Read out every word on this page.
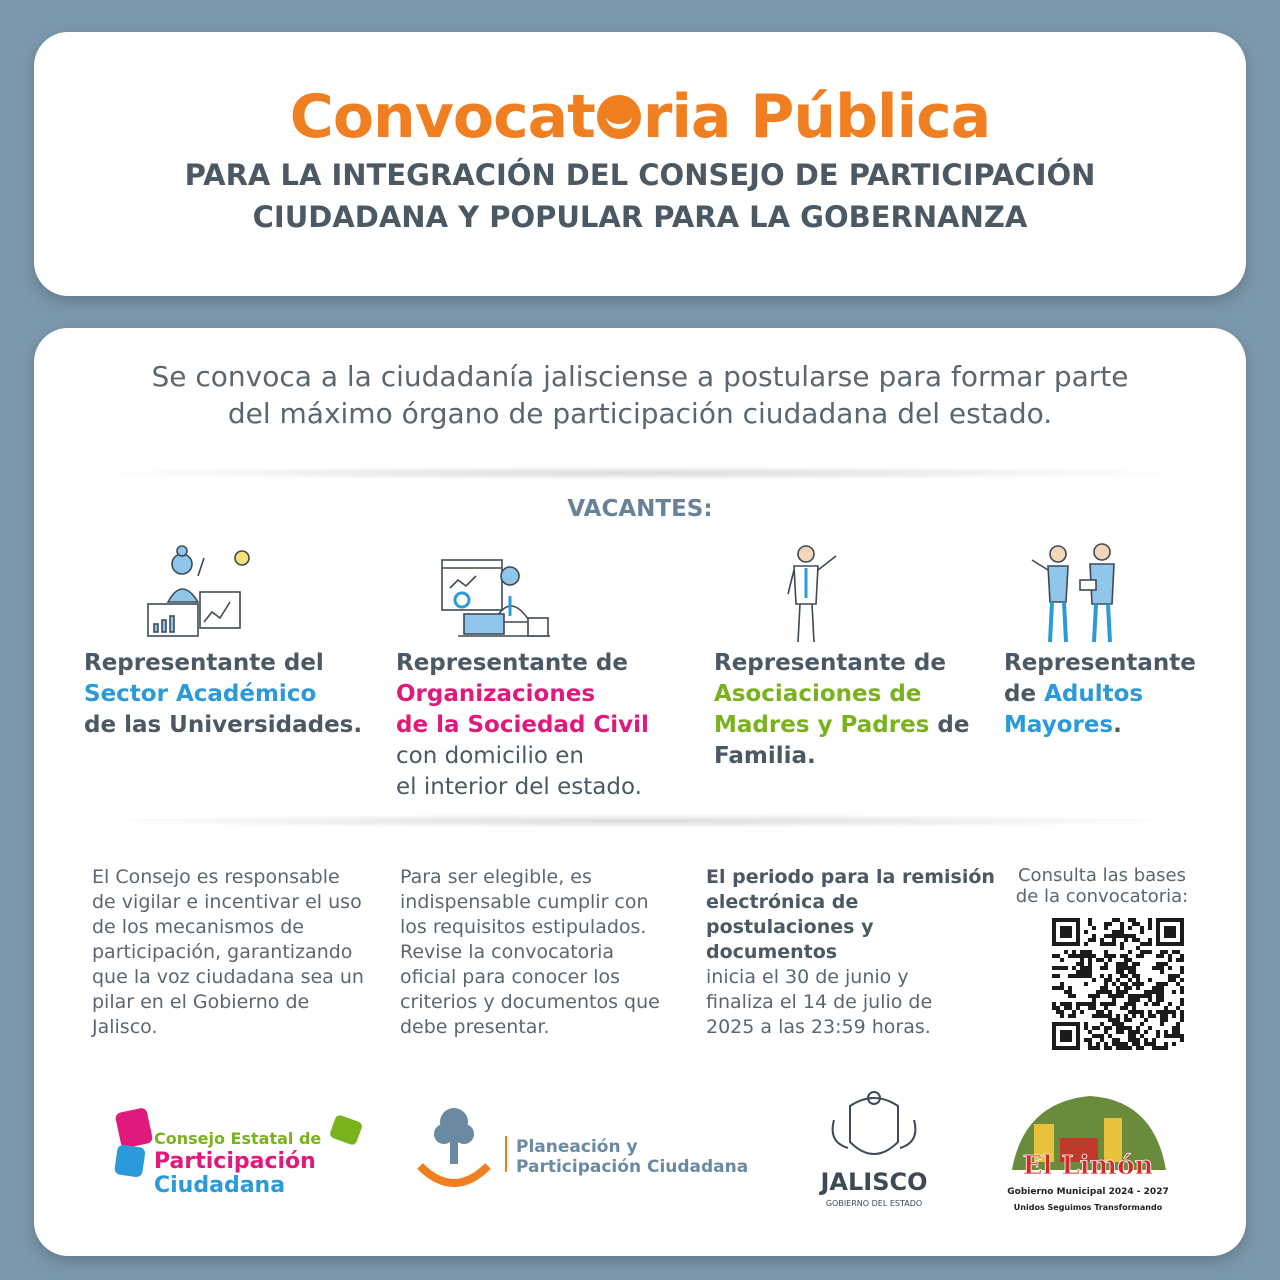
Convocat ria Pública
PARA LA INTEGRACIÓN DEL CONSEJO DE PARTICIPACIÓN
CIUDADANA Y POPULAR PARA LA GOBERNANZA
Se convoca a la ciudadanía jalisciense a postularse para formar parte
del máximo órgano de participación ciudadana del estado.
VACANTES:
Representante del
Sector Académico
de las Universidades.
Representante de
Organizaciones
de la Sociedad Civil
con domicilio en
el interior del estado.
Representante de
Asociaciones de
Madres y Padres de
Familia.
Representante
de Adultos
Mayores.
El Consejo es responsable
de vigilar e incentivar el uso
de los mecanismos de
participación, garantizando
que la voz ciudadana sea un
pilar en el Gobierno de
Jalisco.
Para ser elegible, es
indispensable cumplir con
los requisitos estipulados.
Revise la convocatoria
oficial para conocer los
criterios y documentos que
debe presentar.
El periodo para la remisión
electrónica de
postulaciones y
documentos
inicia el 30 de junio y
finaliza el 14 de julio de
2025 a las 23:59 horas.
Consulta las bases
de la convocatoria:
Consejo Estatal de
Participación
Ciudadana
Planeación y
Participación Ciudadana
JALISCO
GOBIERNO DEL ESTADO
El Limón
Gobierno Municipal 2024 - 2027
Unidos Seguimos Transformando
